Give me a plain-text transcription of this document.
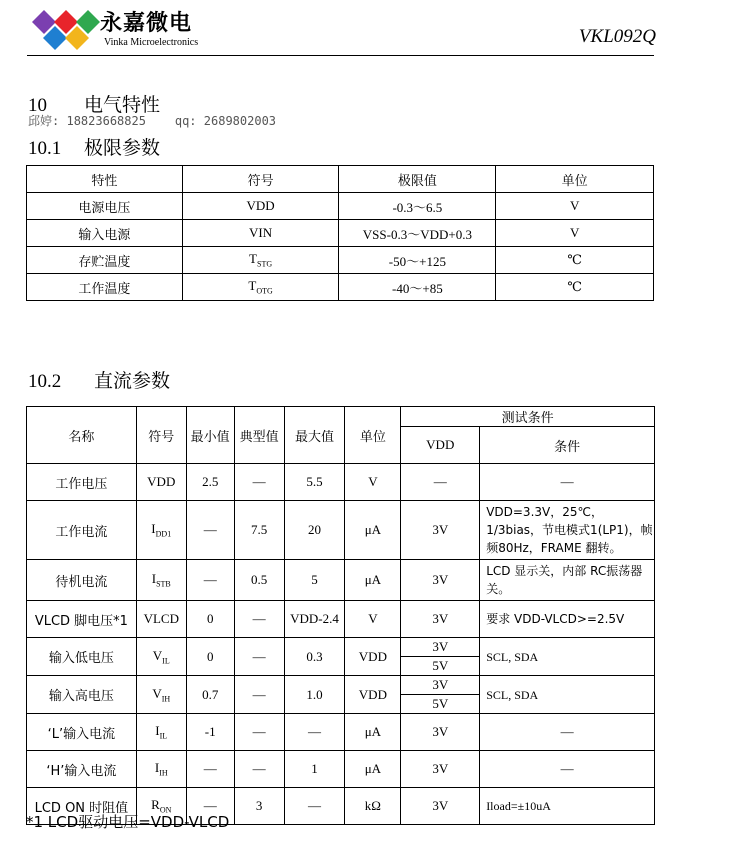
永嘉微电
Vinka Microelectronics	VKL092Q
10 电气特性
邱婷: 18823668825 qq: 2689802003
10.1 极限参数
特性	符号	极限值	单位
电源电压	VDD	-0.3～6.5	V
输入电源	VIN	VSS-0.3～VDD+0.3	V
存贮温度	$T_{STG}$	-50～+125	℃
工作温度	$T_{OTG}$	-40～+85	℃
10.2 直流参数
名称	符号	最小值	典型值	最大值	单位	测试条件	
						VDD	条件
工作电压	VDD	2.5	—	5.5	V	—	—
工作电流	$I_{DD1}$	—	7.5	20	μA	3V	VDD=3.3V，25℃，1/3bias，节电模式1(LP1)，帧频80Hz，FRAME 翻转。
待机电流	$I_{STB}$	—	0.5	5	μA	3V	LCD 显示关，内部 RC振荡器关。
VLCD 脚电压*1	VLCD	0	—	VDD-2.4	V	3V	要求 VDD-VLCD>=2.5V
输入低电压	$V_{IL}$	0	—	0.3	VDD	3V	SCL, SDA
						5V	
输入高电压	$V_{IH}$	0.7	—	1.0	VDD	3V	SCL, SDA
						5V	
‘L’输入电流	$I_{IL}$	-1	—	—	μA	3V	—
‘H’输入电流	$I_{IH}$	—	—	1	μA	3V	—
LCD ON 时阻值	$R_{ON}$	—	3	—	kΩ	3V	Iload=±10uA
*1 LCD驱动电压=VDD-VLCD
